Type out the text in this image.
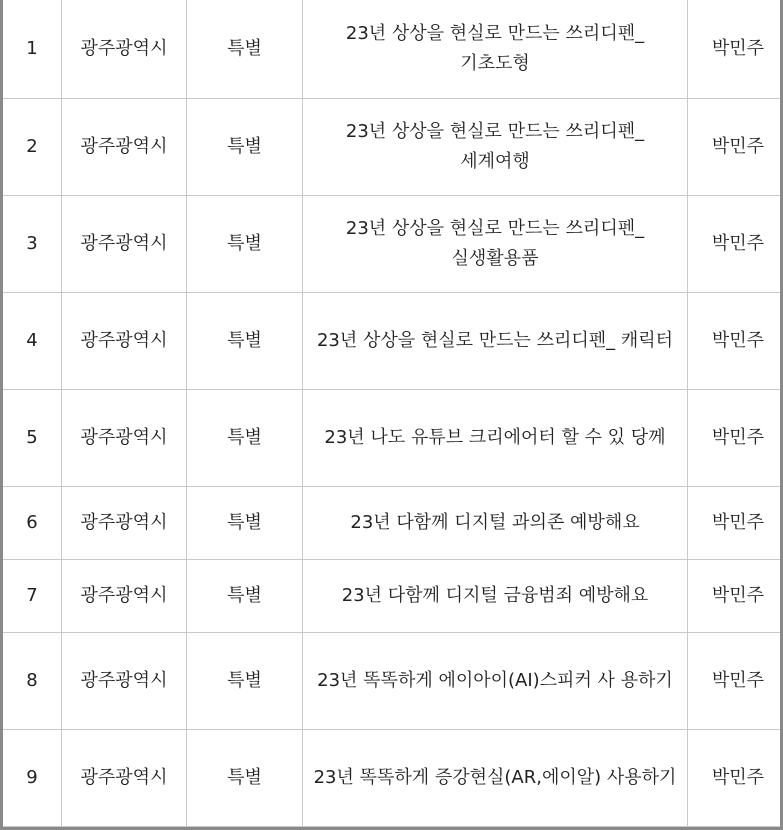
1	광주광역시	특별	23년 상상을 현실로 만드는 쓰리디펜_ 기초도형	박민주
2	광주광역시	특별	23년 상상을 현실로 만드는 쓰리디펜_ 세계여행	박민주
3	광주광역시	특별	23년 상상을 현실로 만드는 쓰리디펜_ 실생활용품	박민주
4	광주광역시	특별	23년 상상을 현실로 만드는 쓰리디펜_ 캐릭터	박민주
5	광주광역시	특별	23년 나도 유튜브 크리에어터 할 수 있 당께	박민주
6	광주광역시	특별	23년 다함께 디지털 과의존 예방해요	박민주
7	광주광역시	특별	23년 다함께 디지털 금융범죄 예방해요	박민주
8	광주광역시	특별	23년 똑똑하게 에이아이(AI)스피커 사 용하기	박민주
9	광주광역시	특별	23년 똑똑하게 증강현실(AR,에이알) 사용하기	박민주
